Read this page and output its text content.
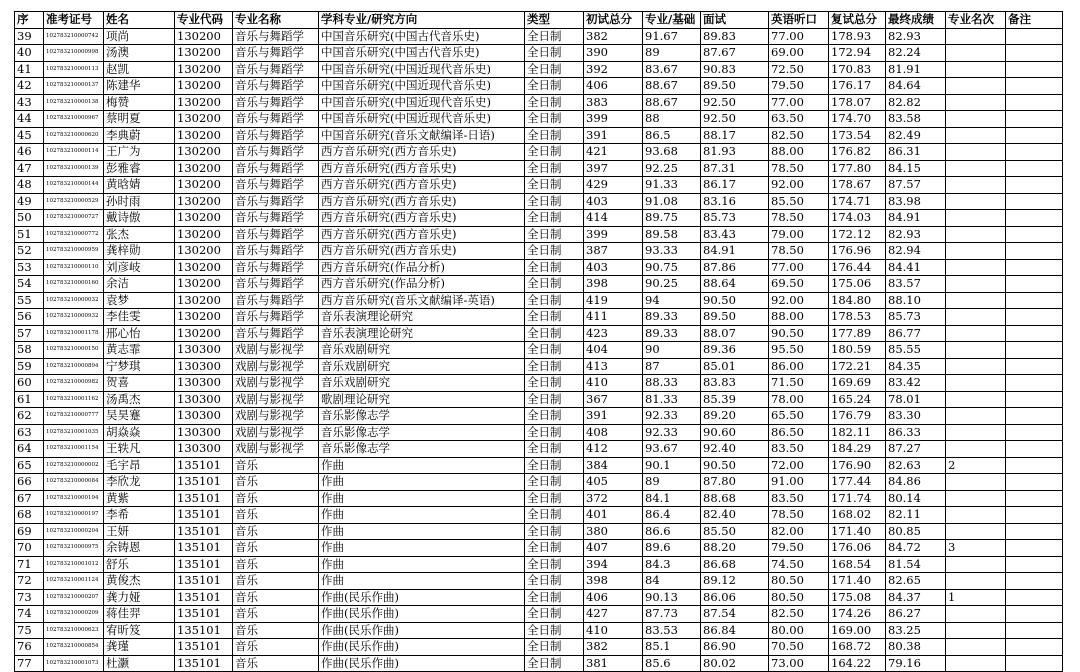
序	准考证号	姓名	专业代码	专业名称	学科专业/研究方向	类型	初试总分	专业/基础	面试	英语听口	复试总分	最终成绩	专业名次	备注
39	102783210000742	项尚	130200	音乐与舞蹈学	中国音乐研究(中国古代音乐史)	全日制	382	91.67	89.83	77.00	178.93	82.93		
40	102783210000998	汤澳	130200	音乐与舞蹈学	中国音乐研究(中国古代音乐史)	全日制	390	89	87.67	69.00	172.94	82.24		
41	102783210000113	赵凯	130200	音乐与舞蹈学	中国音乐研究(中国近现代音乐史)	全日制	392	83.67	90.83	72.50	170.83	81.91		
42	102783210000137	陈建华	130200	音乐与舞蹈学	中国音乐研究(中国近现代音乐史)	全日制	406	88.67	89.50	79.50	176.17	84.64		
43	102783210000138	梅赞	130200	音乐与舞蹈学	中国音乐研究(中国近现代音乐史)	全日制	383	88.67	92.50	77.00	178.07	82.82		
44	102783210000967	蔡明夏	130200	音乐与舞蹈学	中国音乐研究(中国近现代音乐史)	全日制	399	88	92.50	63.50	174.70	83.58		
45	102783210000620	李典蔚	130200	音乐与舞蹈学	中国音乐研究(音乐文献编译-日语)	全日制	391	86.5	88.17	82.50	173.54	82.49		
46	102783210000114	王广为	130200	音乐与舞蹈学	西方音乐研究(西方音乐史)	全日制	421	93.68	81.93	88.00	176.82	86.31		
47	102783210000139	彭雅睿	130200	音乐与舞蹈学	西方音乐研究(西方音乐史)	全日制	397	92.25	87.31	78.50	177.80	84.15		
48	102783210000144	黄晗婧	130200	音乐与舞蹈学	西方音乐研究(西方音乐史)	全日制	429	91.33	86.17	92.00	178.67	87.57		
49	102783210000529	孙时雨	130200	音乐与舞蹈学	西方音乐研究(西方音乐史)	全日制	403	91.08	83.16	85.50	174.71	83.98		
50	102783210000727	戴诗傲	130200	音乐与舞蹈学	西方音乐研究(西方音乐史)	全日制	414	89.75	85.73	78.50	174.03	84.91		
51	102783210000772	张杰	130200	音乐与舞蹈学	西方音乐研究(西方音乐史)	全日制	399	89.58	83.43	79.00	172.12	82.93		
52	102783210000959	龚梓勋	130200	音乐与舞蹈学	西方音乐研究(西方音乐史)	全日制	387	93.33	84.91	78.50	176.96	82.94		
53	102783210000110	刘彦岐	130200	音乐与舞蹈学	西方音乐研究(作品分析)	全日制	403	90.75	87.86	77.00	176.44	84.41		
54	102783210000160	余洁	130200	音乐与舞蹈学	西方音乐研究(作品分析)	全日制	398	90.25	88.64	69.50	175.06	83.57		
55	102783210000032	袁梦	130200	音乐与舞蹈学	西方音乐研究(音乐文献编译-英语)	全日制	419	94	90.50	92.00	184.80	88.10		
56	102783210000932	李佳雯	130200	音乐与舞蹈学	音乐表演理论研究	全日制	411	89.33	89.50	88.00	178.53	85.73		
57	102783210001178	邢心怡	130200	音乐与舞蹈学	音乐表演理论研究	全日制	423	89.33	88.07	90.50	177.89	86.77		
58	102783210000150	黄志霏	130300	戏剧与影视学	音乐戏剧研究	全日制	404	90	89.36	95.50	180.59	85.55		
59	102783210000894	宁梦琪	130300	戏剧与影视学	音乐戏剧研究	全日制	413	87	85.01	86.00	172.21	84.35		
60	102783210000982	贺喜	130300	戏剧与影视学	音乐戏剧研究	全日制	410	88.33	83.83	71.50	169.69	83.42		
61	102783210001162	汤禹杰	130300	戏剧与影视学	歌剧理论研究	全日制	367	81.33	85.39	78.00	165.24	78.01		
62	102783210000777	吴昊蹇	130300	戏剧与影视学	音乐影像志学	全日制	391	92.33	89.20	65.50	176.79	83.30		
63	102783210001035	胡焱焱	130300	戏剧与影视学	音乐影像志学	全日制	408	92.33	90.60	86.50	182.11	86.33		
64	102783210001154	王轶凡	130300	戏剧与影视学	音乐影像志学	全日制	412	93.67	92.40	83.50	184.29	87.27		
65	102783210000002	毛宇昂	135101	音乐	作曲	全日制	384	90.1	90.50	72.00	176.90	82.63	2	
66	102783210000084	李欣龙	135101	音乐	作曲	全日制	405	89	87.80	91.00	177.44	84.86		
67	102783210000194	黄紫	135101	音乐	作曲	全日制	372	84.1	88.68	83.50	171.74	80.14		
68	102783210000197	李希	135101	音乐	作曲	全日制	401	86.4	82.40	78.50	168.02	82.11		
69	102783210000204	王妍	135101	音乐	作曲	全日制	380	86.6	85.50	82.00	171.40	80.85		
70	102783210000975	余铸恩	135101	音乐	作曲	全日制	407	89.6	88.20	79.50	176.06	84.72	3	
71	102783210001012	舒乐	135101	音乐	作曲	全日制	394	84.3	86.68	74.50	168.54	81.54		
72	102783210001124	黄俊杰	135101	音乐	作曲	全日制	398	84	89.12	80.50	171.40	82.65		
73	102783210000207	龚力娅	135101	音乐	作曲(民乐作曲)	全日制	406	90.13	86.06	80.50	175.08	84.37	1	
74	102783210000209	蒋佳羿	135101	音乐	作曲(民乐作曲)	全日制	427	87.73	87.54	82.50	174.26	86.27		
75	102783210000623	宥昕笈	135101	音乐	作曲(民乐作曲)	全日制	410	83.53	86.84	80.00	169.00	83.25		
76	102783210000854	龚瑾	135101	音乐	作曲(民乐作曲)	全日制	382	85.1	86.90	70.50	168.72	80.38		
77	102783210001073	杜灏	135101	音乐	作曲(民乐作曲)	全日制	381	85.6	80.02	73.00	164.22	79.16		
